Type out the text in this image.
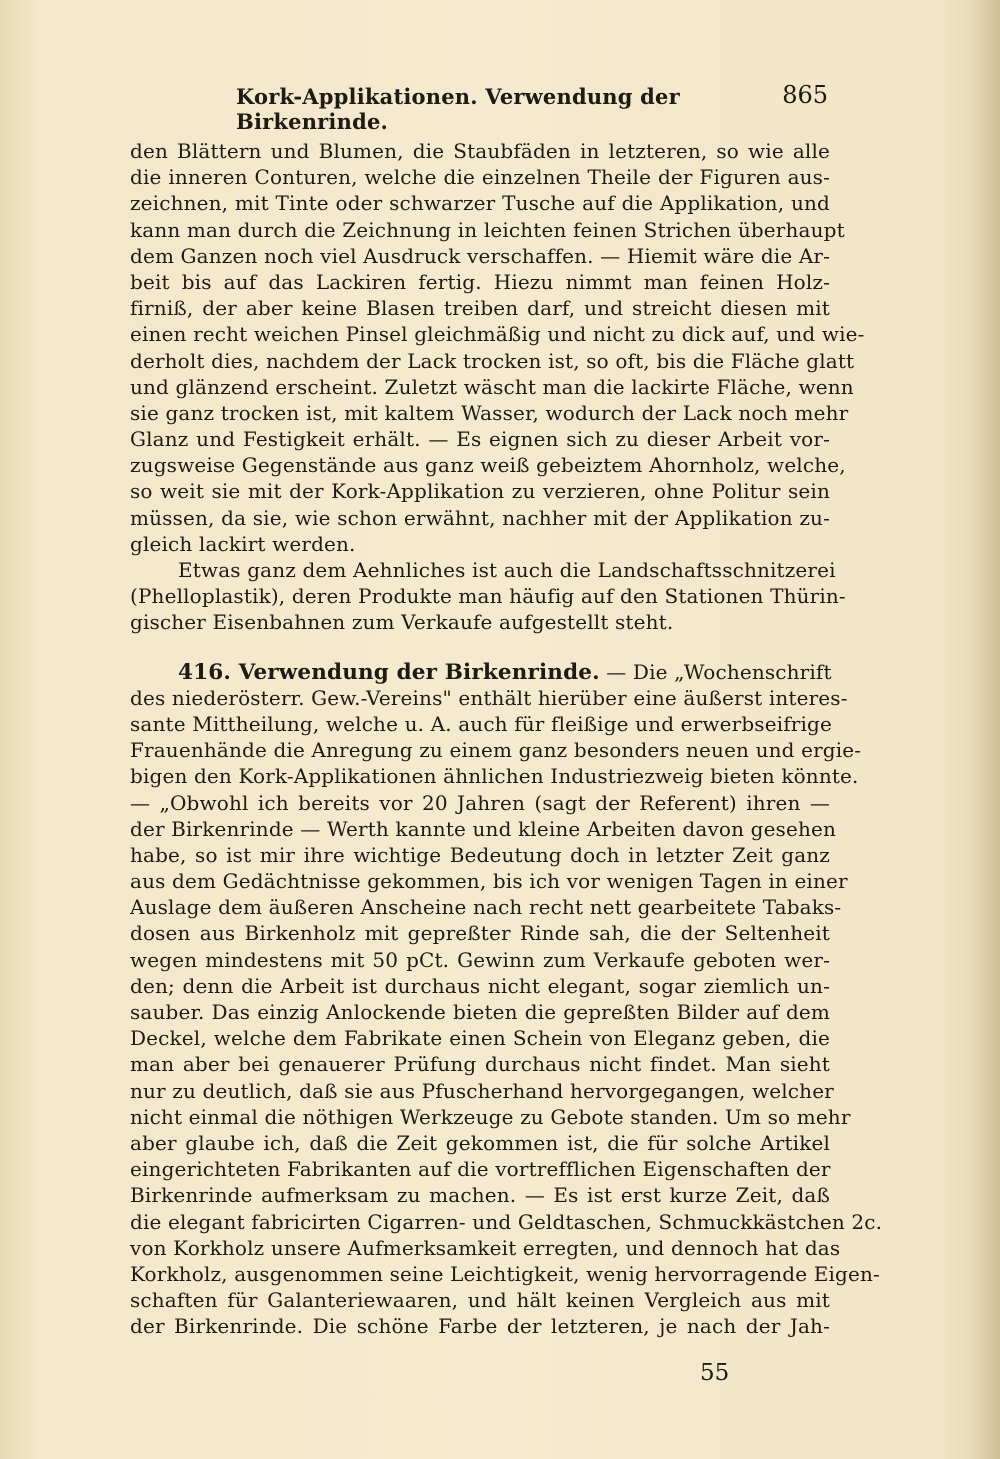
Kork-Applikationen. Verwendung der Birkenrinde.
865
den Blättern und Blumen, die Staubfäden in letzteren, so wie alle
die inneren Conturen, welche die einzelnen Theile der Figuren aus-
zeichnen, mit Tinte oder schwarzer Tusche auf die Applikation, und
kann man durch die Zeichnung in leichten feinen Strichen überhaupt
dem Ganzen noch viel Ausdruck verschaffen. — Hiemit wäre die Ar-
beit bis auf das Lackiren fertig. Hiezu nimmt man feinen Holz-
firniß, der aber keine Blasen treiben darf, und streicht diesen mit
einen recht weichen Pinsel gleichmäßig und nicht zu dick auf, und wie-
derholt dies, nachdem der Lack trocken ist, so oft, bis die Fläche glatt
und glänzend erscheint. Zuletzt wäscht man die lackirte Fläche, wenn
sie ganz trocken ist, mit kaltem Wasser, wodurch der Lack noch mehr
Glanz und Festigkeit erhält. — Es eignen sich zu dieser Arbeit vor-
zugsweise Gegenstände aus ganz weiß gebeiztem Ahornholz, welche,
so weit sie mit der Kork-Applikation zu verzieren, ohne Politur sein
müssen, da sie, wie schon erwähnt, nachher mit der Applikation zu-
gleich lackirt werden.
Etwas ganz dem Aehnliches ist auch die Landschaftsschnitzerei
(Phelloplastik), deren Produkte man häufig auf den Stationen Thürin-
gischer Eisenbahnen zum Verkaufe aufgestellt steht.
416. Verwendung der Birkenrinde. — Die „Wochenschrift
des niederösterr. Gew.-Vereins" enthält hierüber eine äußerst interes-
sante Mittheilung, welche u. A. auch für fleißige und erwerbseifrige
Frauenhände die Anregung zu einem ganz besonders neuen und ergie-
bigen den Kork-Applikationen ähnlichen Industriezweig bieten könnte.
— „Obwohl ich bereits vor 20 Jahren (sagt der Referent) ihren —
der Birkenrinde — Werth kannte und kleine Arbeiten davon gesehen
habe, so ist mir ihre wichtige Bedeutung doch in letzter Zeit ganz
aus dem Gedächtnisse gekommen, bis ich vor wenigen Tagen in einer
Auslage dem äußeren Anscheine nach recht nett gearbeitete Tabaks-
dosen aus Birkenholz mit gepreßter Rinde sah, die der Seltenheit
wegen mindestens mit 50 pCt. Gewinn zum Verkaufe geboten wer-
den; denn die Arbeit ist durchaus nicht elegant, sogar ziemlich un-
sauber. Das einzig Anlockende bieten die gepreßten Bilder auf dem
Deckel, welche dem Fabrikate einen Schein von Eleganz geben, die
man aber bei genauerer Prüfung durchaus nicht findet. Man sieht
nur zu deutlich, daß sie aus Pfuscherhand hervorgegangen, welcher
nicht einmal die nöthigen Werkzeuge zu Gebote standen. Um so mehr
aber glaube ich, daß die Zeit gekommen ist, die für solche Artikel
eingerichteten Fabrikanten auf die vortrefflichen Eigenschaften der
Birkenrinde aufmerksam zu machen. — Es ist erst kurze Zeit, daß
die elegant fabricirten Cigarren- und Geldtaschen, Schmuckkästchen 2c.
von Korkholz unsere Aufmerksamkeit erregten, und dennoch hat das
Korkholz, ausgenommen seine Leichtigkeit, wenig hervorragende Eigen-
schaften für Galanteriewaaren, und hält keinen Vergleich aus mit
der Birkenrinde. Die schöne Farbe der letzteren, je nach der Jah-
55
